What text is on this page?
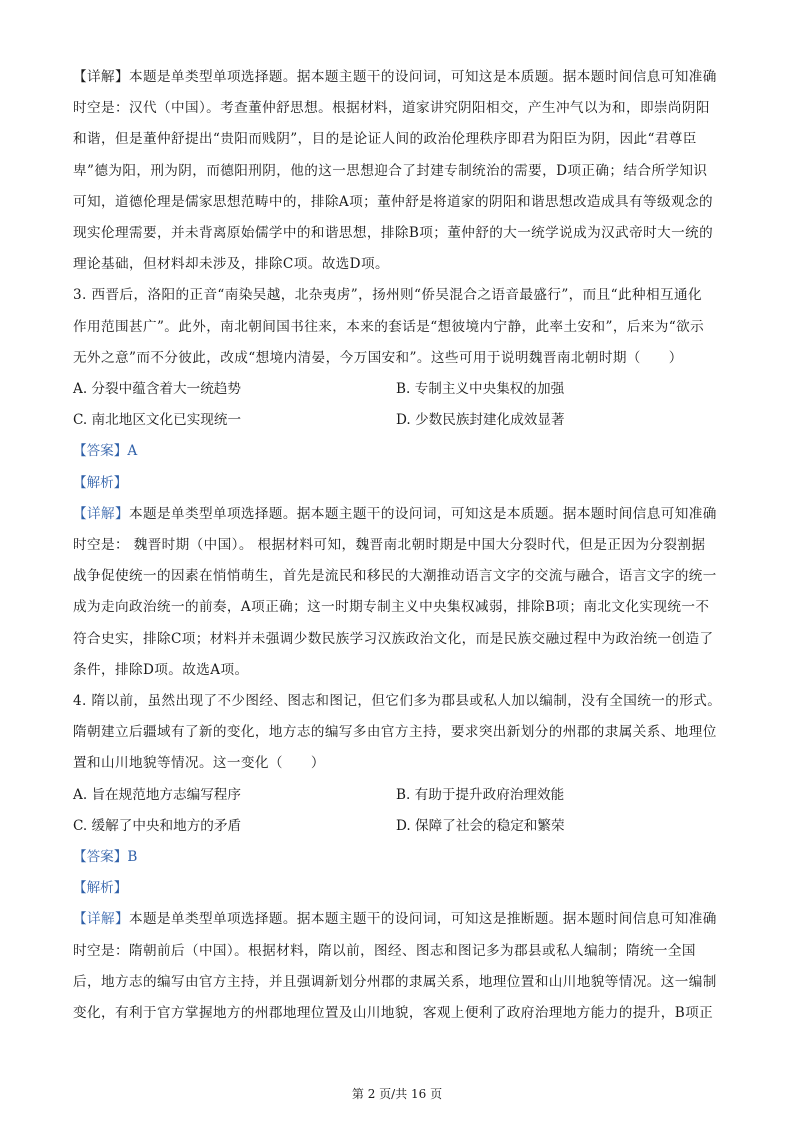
【详解】本题是单类型单项选择题。据本题主题干的设问词，可知这是本质题。据本题时间信息可知准确
时空是：汉代（中国）。考查董仲舒思想。根据材料，道家讲究阴阳相交，产生冲气以为和，即崇尚阴阳
和谐，但是董仲舒提出“贵阳而贱阴”，目的是论证人间的政治伦理秩序即君为阳臣为阴，因此“君尊臣
卑”德为阳，刑为阴，而德阳刑阴，他的这一思想迎合了封建专制统治的需要，D项正确；结合所学知识
可知，道德伦理是儒家思想范畴中的，排除A项；董仲舒是将道家的阴阳和谐思想改造成具有等级观念的
现实伦理需要，并未背离原始儒学中的和谐思想，排除B项；董仲舒的大一统学说成为汉武帝时大一统的
理论基础，但材料却未涉及，排除C项。故选D项。
3. 西晋后，洛阳的正音“南染吴越，北杂夷虏”，扬州则“侨吴混合之语音最盛行”，而且“此种相互通化
作用范围甚广”。此外，南北朝间国书往来，本来的套话是“想彼境内宁静，此率土安和”，后来为“欲示
无外之意”而不分彼此，改成“想境内清晏，今万国安和”。这些可用于说明魏晋南北朝时期（　　）
A. 分裂中蕴含着大一统趋势	B. 专制主义中央集权的加强
C. 南北地区文化已实现统一	D. 少数民族封建化成效显著

【答案】A

【解析】

【详解】本题是单类型单项选择题。据本题主题干的设问词，可知这是本质题。据本题时间信息可知准确
时空是： 魏晋时期（中国）。 根据材料可知，魏晋南北朝时期是中国大分裂时代，但是正因为分裂割据
战争促使统一的因素在悄悄萌生，首先是流民和移民的大潮推动语言文字的交流与融合，语言文字的统一
成为走向政治统一的前奏，A项正确；这一时期专制主义中央集权减弱，排除B项；南北文化实现统一不
符合史实，排除C项；材料并未强调少数民族学习汉族政治文化，而是民族交融过程中为政治统一创造了
条件，排除D项。故选A项。
4. 隋以前，虽然出现了不少图经、图志和图记，但它们多为郡县或私人加以编制，没有全国统一的形式。
隋朝建立后疆域有了新的变化，地方志的编写多由官方主持，要求突出新划分的州郡的隶属关系、地理位
置和山川地貌等情况。这一变化（　　）
A. 旨在规范地方志编写程序	B. 有助于提升政府治理效能
C. 缓解了中央和地方的矛盾	D. 保障了社会的稳定和繁荣

【答案】B

【解析】

【详解】本题是单类型单项选择题。据本题主题干的设问词，可知这是推断题。据本题时间信息可知准确
时空是：隋朝前后（中国）。根据材料，隋以前，图经、图志和图记多为郡县或私人编制；隋统一全国
后，地方志的编写由官方主持，并且强调新划分州郡的隶属关系，地理位置和山川地貌等情况。这一编制
变化，有利于官方掌握地方的州郡地理位置及山川地貌，客观上便利了政府治理地方能力的提升，B项正
第 2 页/共 16 页
